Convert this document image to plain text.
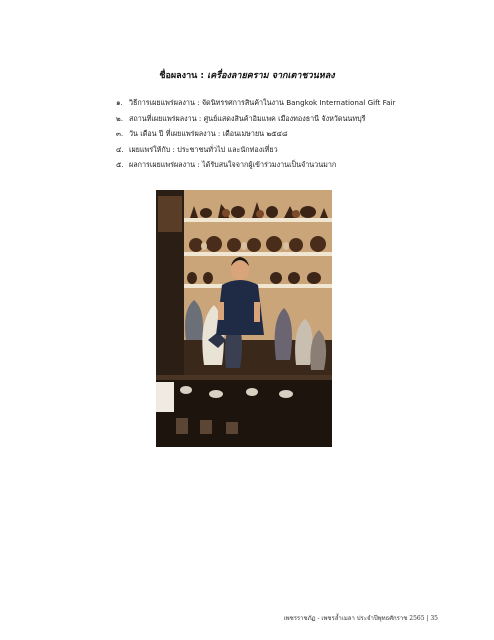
ชื่อผลงาน : เครื่องลายคราม จากเตาชวนหลง
๑. วิธีการเผยแพร่ผลงาน : จัดนิทรรศการสินค้าในงาน Bangkok International Gift Fair
๒. สถานที่เผยแพร่ผลงาน : ศูนย์แสดงสินค้าอิมแพค เมืองทองธานี จังหวัดนนทบุรี
๓. วัน เดือน ปี ที่เผยแพร่ผลงาน : เดือนเมษายน ๒๕๔๘
๔. เผยแพร่ให้กับ : ประชาชนทั่วไป และนักท่องเที่ยว
๕. ผลการเผยแพร่ผลงาน : ได้รับสนใจจากผู้เข้าร่วมงานเป็นจำนวนมาก
เพชรราชภัฏ - เพชรล้ำเมลา ประจำปีพุทธศักราช 2565 | 35
